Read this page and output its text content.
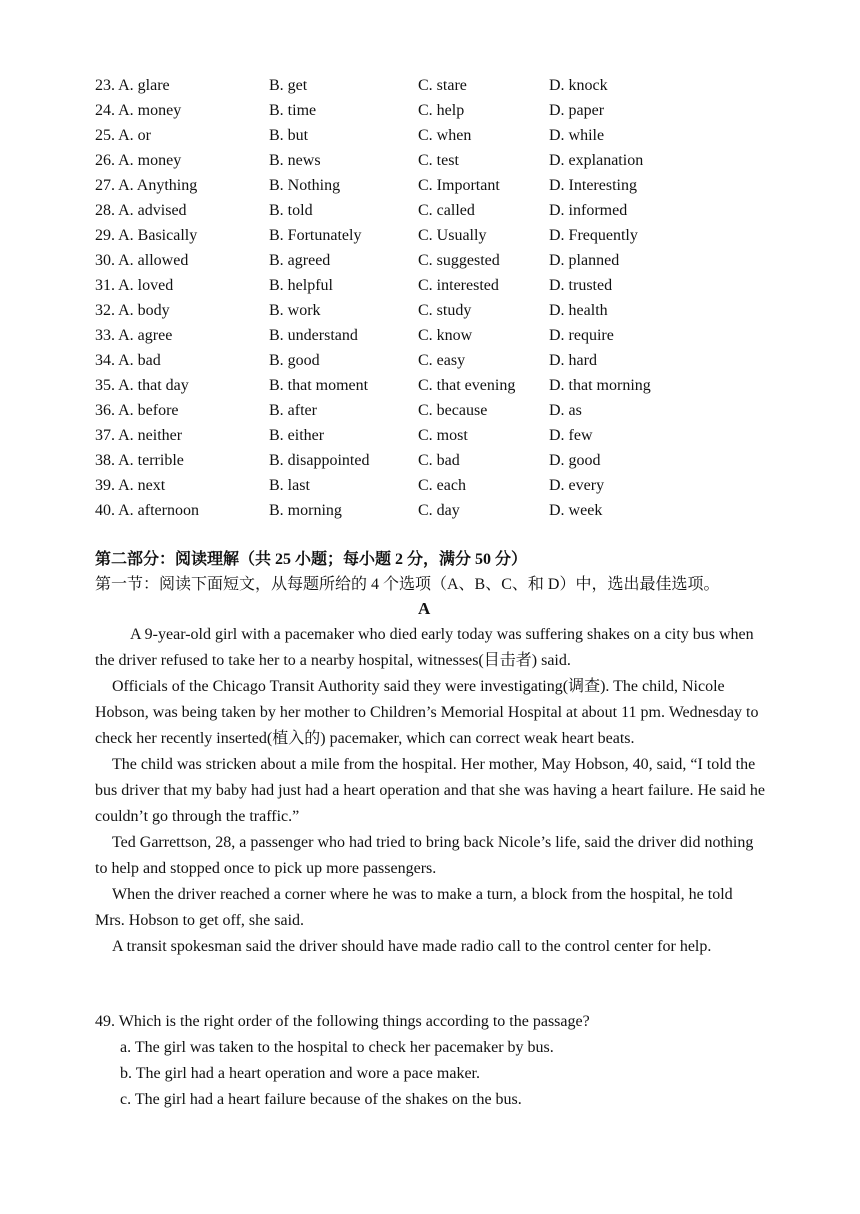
23. A. glare	B. get	C. stare	D. knock
24. A. money	B. time	C. help	D. paper
25. A. or	B. but	C. when	D. while
26. A. money	B. news	C. test	D. explanation
27. A. Anything	B. Nothing	C. Important	D. Interesting
28. A. advised	B. told	C. called	D. informed
29. A. Basically	B. Fortunately	C. Usually	D. Frequently
30. A. allowed	B. agreed	C. suggested	D. planned
31. A. loved	B. helpful	C. interested	D. trusted
32. A. body	B. work	C. study	D. health
33. A. agree	B. understand	C. know	D. require
34. A. bad	B. good	C. easy	D. hard
35. A. that day	B. that moment	C. that evening D. that morning
36. A. before	B. after	C. because	D. as
37. A. neither	B. either	C. most	D. few
38. A. terrible	B. disappointed	C. bad	D. good
39. A. next	B. last	C. each	D. every
40. A. afternoon	B. morning	C. day	D. week
第二部分：阅读理解（共 25 小题；每小题 2 分，满分 50 分）
第一节：阅读下面短文，从每题所给的 4 个选项（A、B、C、和 D）中，选出最佳选项。
A

A 9-year-old girl with a pacemaker who died early today was suffering shakes on a city bus when the driver refused to take her to a nearby hospital, witnesses(目击者) said.

Officials of the Chicago Transit Authority said they were investigating(调查). The child, Nicole Hobson, was being taken by her mother to Children’s Memorial Hospital at about 11 pm. Wednesday to check her recently inserted(植入的) pacemaker, which can correct weak heart beats.

The child was stricken about a mile from the hospital. Her mother, May Hobson, 40, said, “I told the bus driver that my baby had just had a heart operation and that she was having a heart failure. He said he couldn’t go through the traffic.”

Ted Garrettson, 28, a passenger who had tried to bring back Nicole’s life, said the driver did nothing to help and stopped once to pick up more passengers.

When the driver reached a corner where he was to make a turn, a block from the hospital, he told Mrs. Hobson to get off, she said.

A transit spokesman said the driver should have made radio call to the control center for help.

49. Which is the right order of the following things according to the passage?

a. The girl was taken to the hospital to check her pacemaker by bus.

b. The girl had a heart operation and wore a pace maker.

c. The girl had a heart failure because of the shakes on the bus.
